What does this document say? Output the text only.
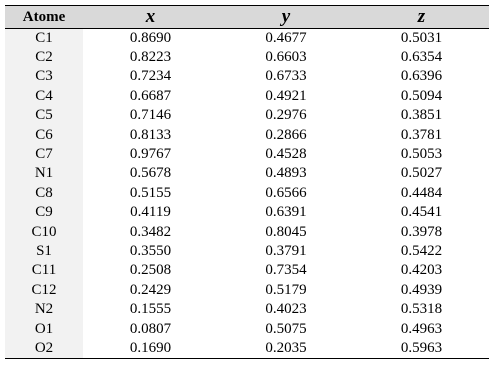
Atome	x	y	z
C1	0.8690	0.4677	0.5031
C2	0.8223	0.6603	0.6354
C3	0.7234	0.6733	0.6396
C4	0.6687	0.4921	0.5094
C5	0.7146	0.2976	0.3851
C6	0.8133	0.2866	0.3781
C7	0.9767	0.4528	0.5053
N1	0.5678	0.4893	0.5027
C8	0.5155	0.6566	0.4484
C9	0.4119	0.6391	0.4541
C10	0.3482	0.8045	0.3978
S1	0.3550	0.3791	0.5422
C11	0.2508	0.7354	0.4203
C12	0.2429	0.5179	0.4939
N2	0.1555	0.4023	0.5318
O1	0.0807	0.5075	0.4963
O2	0.1690	0.2035	0.5963
